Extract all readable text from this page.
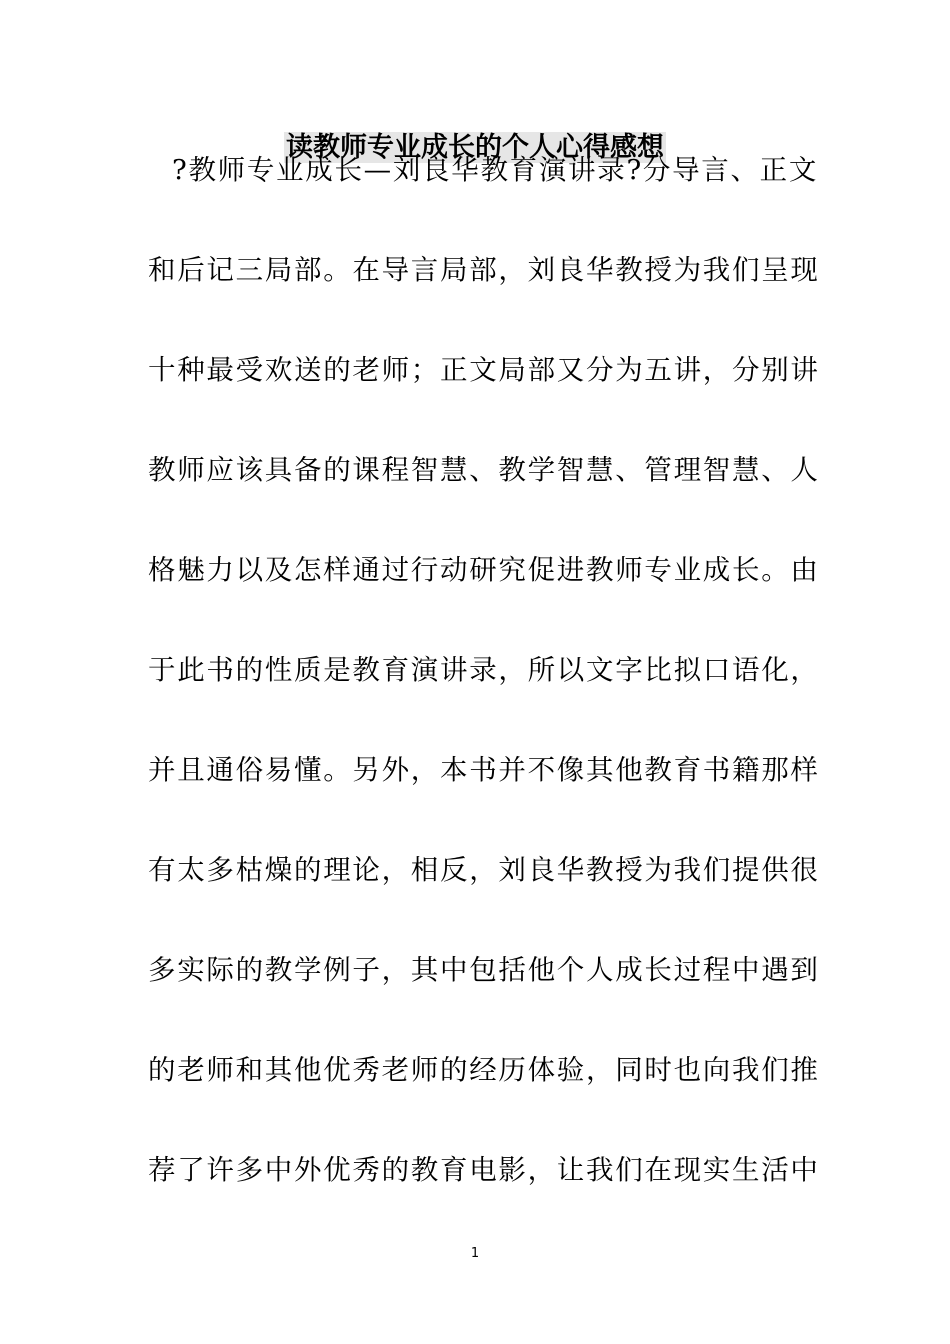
读教师专业成长的个人心得感想
?教师专业成长—刘良华教育演讲录?分导言、正文
和后记三局部。在导言局部，刘良华教授为我们呈现
十种最受欢送的老师；正文局部又分为五讲，分别讲
教师应该具备的课程智慧、教学智慧、管理智慧、人
格魅力以及怎样通过行动研究促进教师专业成长。由
于此书的性质是教育演讲录，所以文字比拟口语化，
并且通俗易懂。另外，本书并不像其他教育书籍那样
有太多枯燥的理论，相反，刘良华教授为我们提供很
多实际的教学例子，其中包括他个人成长过程中遇到
的老师和其他优秀老师的经历体验，同时也向我们推
荐了许多中外优秀的教育电影，让我们在现实生活中
1
